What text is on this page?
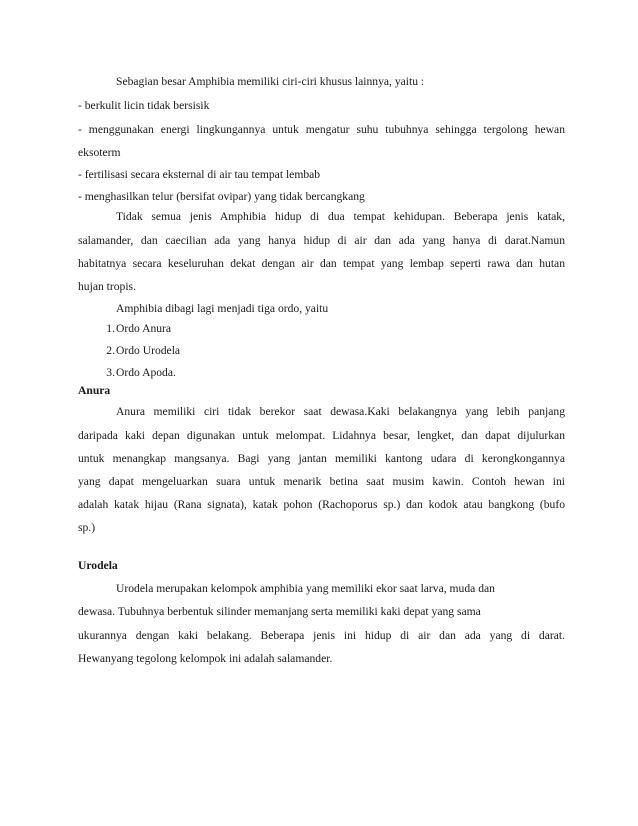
Sebagian besar Amphibia memiliki ciri-ciri khusus lainnya, yaitu :
- berkulit licin tidak bersisik
- menggunakan energi lingkungannya untuk mengatur suhu tubuhnya sehingga tergolong hewan
eksoterm
- fertilisasi secara eksternal di air tau tempat lembab
- menghasilkan telur (bersifat ovipar) yang tidak bercangkang
Tidak semua jenis Amphibia hidup di dua tempat kehidupan. Beberapa jenis katak,
salamander, dan caecilian ada yang hanya hidup di air dan ada yang hanya di darat.Namun
habitatnya secara keseluruhan dekat dengan air dan tempat yang lembap seperti rawa dan hutan
hujan tropis.
Amphibia dibagi lagi menjadi tiga ordo, yaitu
1. Ordo Anura
2. Ordo Urodela
3. Ordo Apoda.
Anura
Anura memiliki ciri tidak berekor saat dewasa.Kaki belakangnya yang lebih panjang
daripada kaki depan digunakan untuk melompat. Lidahnya besar, lengket, dan dapat dijulurkan
untuk menangkap mangsanya. Bagi yang jantan memiliki kantong udara di kerongkongannya
yang dapat mengeluarkan suara untuk menarik betina saat musim kawin. Contoh hewan ini
adalah katak hijau (Rana signata), katak pohon (Rachoporus sp.) dan kodok atau bangkong (bufo
sp.)
Urodela
Urodela merupakan kelompok amphibia yang memiliki ekor saat larva, muda dan
dewasa. Tubuhnya berbentuk silinder memanjang serta memiliki kaki depat yang sama
ukurannya dengan kaki belakang. Beberapa jenis ini hidup di air dan ada yang di darat.
Hewanyang tegolong kelompok ini adalah salamander.
